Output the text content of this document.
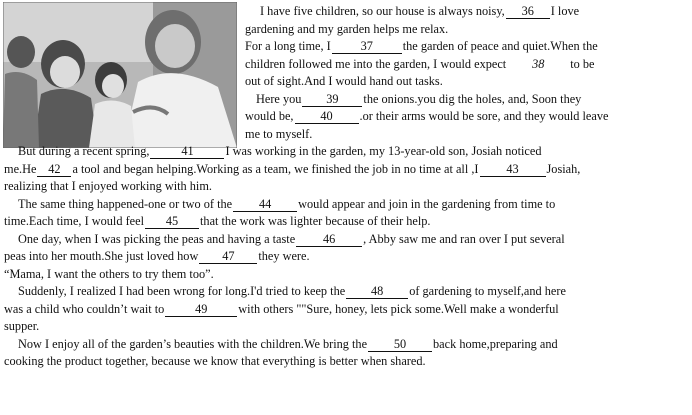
I have five children, so our house is always noisy, 36 I love
gardening and my garden helps me relax.
For a long time, I 37 the garden of peace and quiet.When the
children followed me into the garden, I would expect 38 to be
out of sight.And I would hand out tasks.
Here you 39 the onions.you dig the holes, and, Soon they
would be, 40 .or their arms would be sore, and they would leave
me to myself.
But during a recent spring,	41	I was working in the garden, my 13-year-old son, Josiah noticed
me.He 42 a tool and began helping.Working as a team, we finished the job in no time at all ,I 43 Josiah,
realizing that I enjoyed working with him.
The same thing happened-one or two of the 44 would appear and join in the gardening from time to
time.Each time, I would feel 45 that the work was lighter because of their help.
One day, when I was picking the peas and having a taste 46 , Abby saw me and ran over I put several
peas into her mouth.She just loved how 47 they were.
“Mama, I want the others to try them too”.
Suddenly, I realized I had been wrong for long.I'd tried to keep the 48 of gardening to myself,and here
was a child who couldn’t wait to	49	with others ""Sure, honey, lets pick some.Well make a wonderful
supper.
Now I enjoy all of the garden’s beauties with the children.We bring the 50 back home,preparing and
cooking the product together, because we know that everything is better when shared.
